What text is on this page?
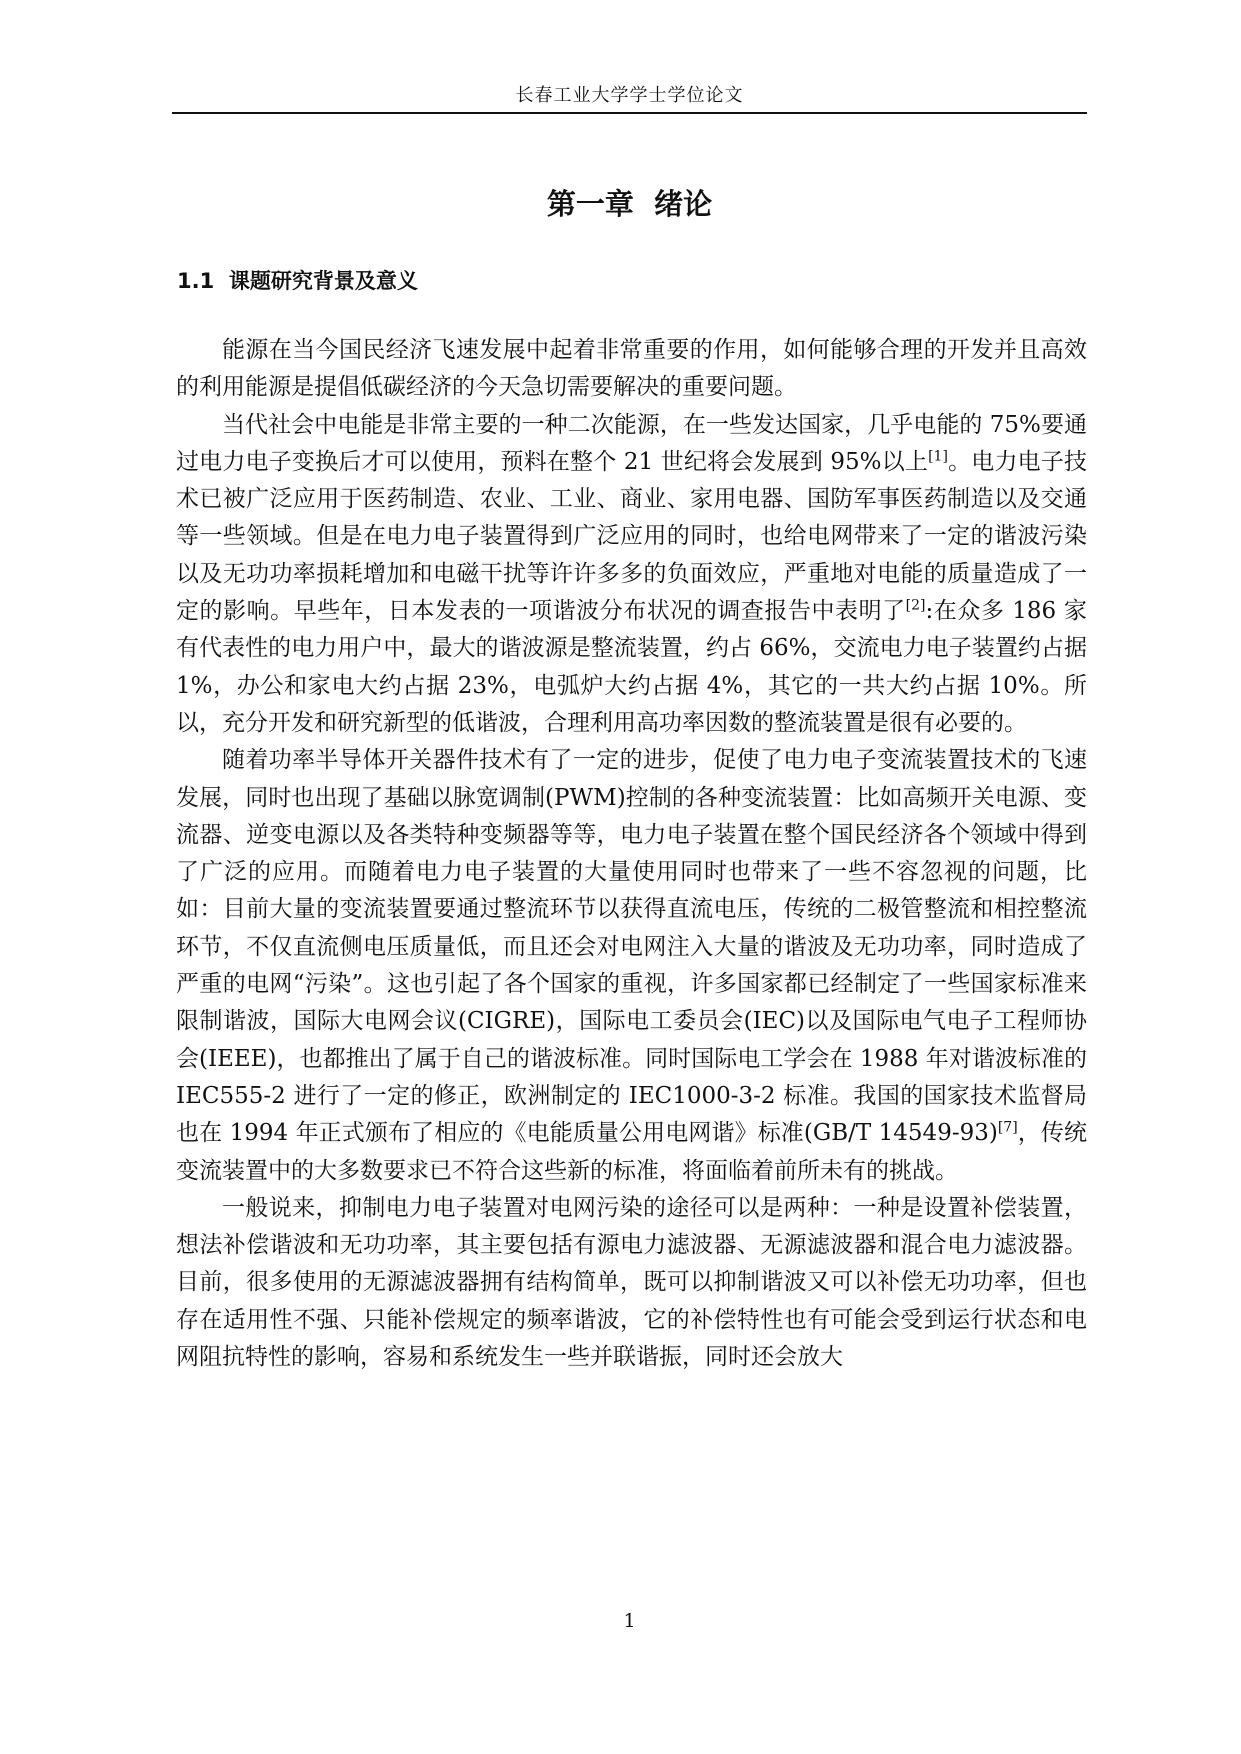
长春工业大学学士学位论文
第一章  绪论
1.1  课题研究背景及意义

能源在当今国民经济飞速发展中起着非常重要的作用，如何能够合理的开发并且高效的利用能源是提倡低碳经济的今天急切需要解决的重要问题。

当代社会中电能是非常主要的一种二次能源，在一些发达国家，几乎电能的 75%要通过电力电子变换后才可以使用，预料在整个 21 世纪将会发展到 95%以上[1]。电力电子技术已被广泛应用于医药制造、农业、工业、商业、家用电器、国防军事医药制造以及交通等一些领域。但是在电力电子装置得到广泛应用的同时，也给电网带来了一定的谐波污染以及无功功率损耗增加和电磁干扰等许许多多的负面效应，严重地对电能的质量造成了一定的影响。早些年，日本发表的一项谐波分布状况的调查报告中表明了[2]:在众多 186 家有代表性的电力用户中，最大的谐波源是整流装置，约占 66%，交流电力电子装置约占据 1%，办公和家电大约占据 23%，电弧炉大约占据 4%，其它的一共大约占据 10%。所以，充分开发和研究新型的低谐波，合理利用高功率因数的整流装置是很有必要的。

随着功率半导体开关器件技术有了一定的进步，促使了电力电子变流装置技术的飞速发展，同时也出现了基础以脉宽调制(PWM)控制的各种变流装置：比如高频开关电源、变流器、逆变电源以及各类特种变频器等等，电力电子装置在整个国民经济各个领域中得到了广泛的应用。而随着电力电子装置的大量使用同时也带来了一些不容忽视的问题，比如：目前大量的变流装置要通过整流环节以获得直流电压，传统的二极管整流和相控整流环节，不仅直流侧电压质量低，而且还会对电网注入大量的谐波及无功功率，同时造成了严重的电网“污染”。这也引起了各个国家的重视，许多国家都已经制定了一些国家标准来限制谐波，国际大电网会议(CIGRE)，国际电工委员会(IEC)以及国际电气电子工程师协会(IEEE)，也都推出了属于自己的谐波标准。同时国际电工学会在 1988 年对谐波标准的 IEC555-2 进行了一定的修正，欧洲制定的 IEC1000-3-2 标准。我国的国家技术监督局也在 1994 年正式颁布了相应的《电能质量公用电网谐》标准(GB/T 14549-93)[7]，传统变流装置中的大多数要求已不符合这些新的标准，将面临着前所未有的挑战。

一般说来，抑制电力电子装置对电网污染的途径可以是两种：一种是设置补偿装置，想法补偿谐波和无功功率，其主要包括有源电力滤波器、无源滤波器和混合电力滤波器。目前，很多使用的无源滤波器拥有结构简单，既可以抑制谐波又可以补偿无功功率，但也存在适用性不强、只能补偿规定的频率谐波，它的补偿特性也有可能会受到运行状态和电网阻抗特性的影响，容易和系统发生一些并联谐振，同时还会放大

1
